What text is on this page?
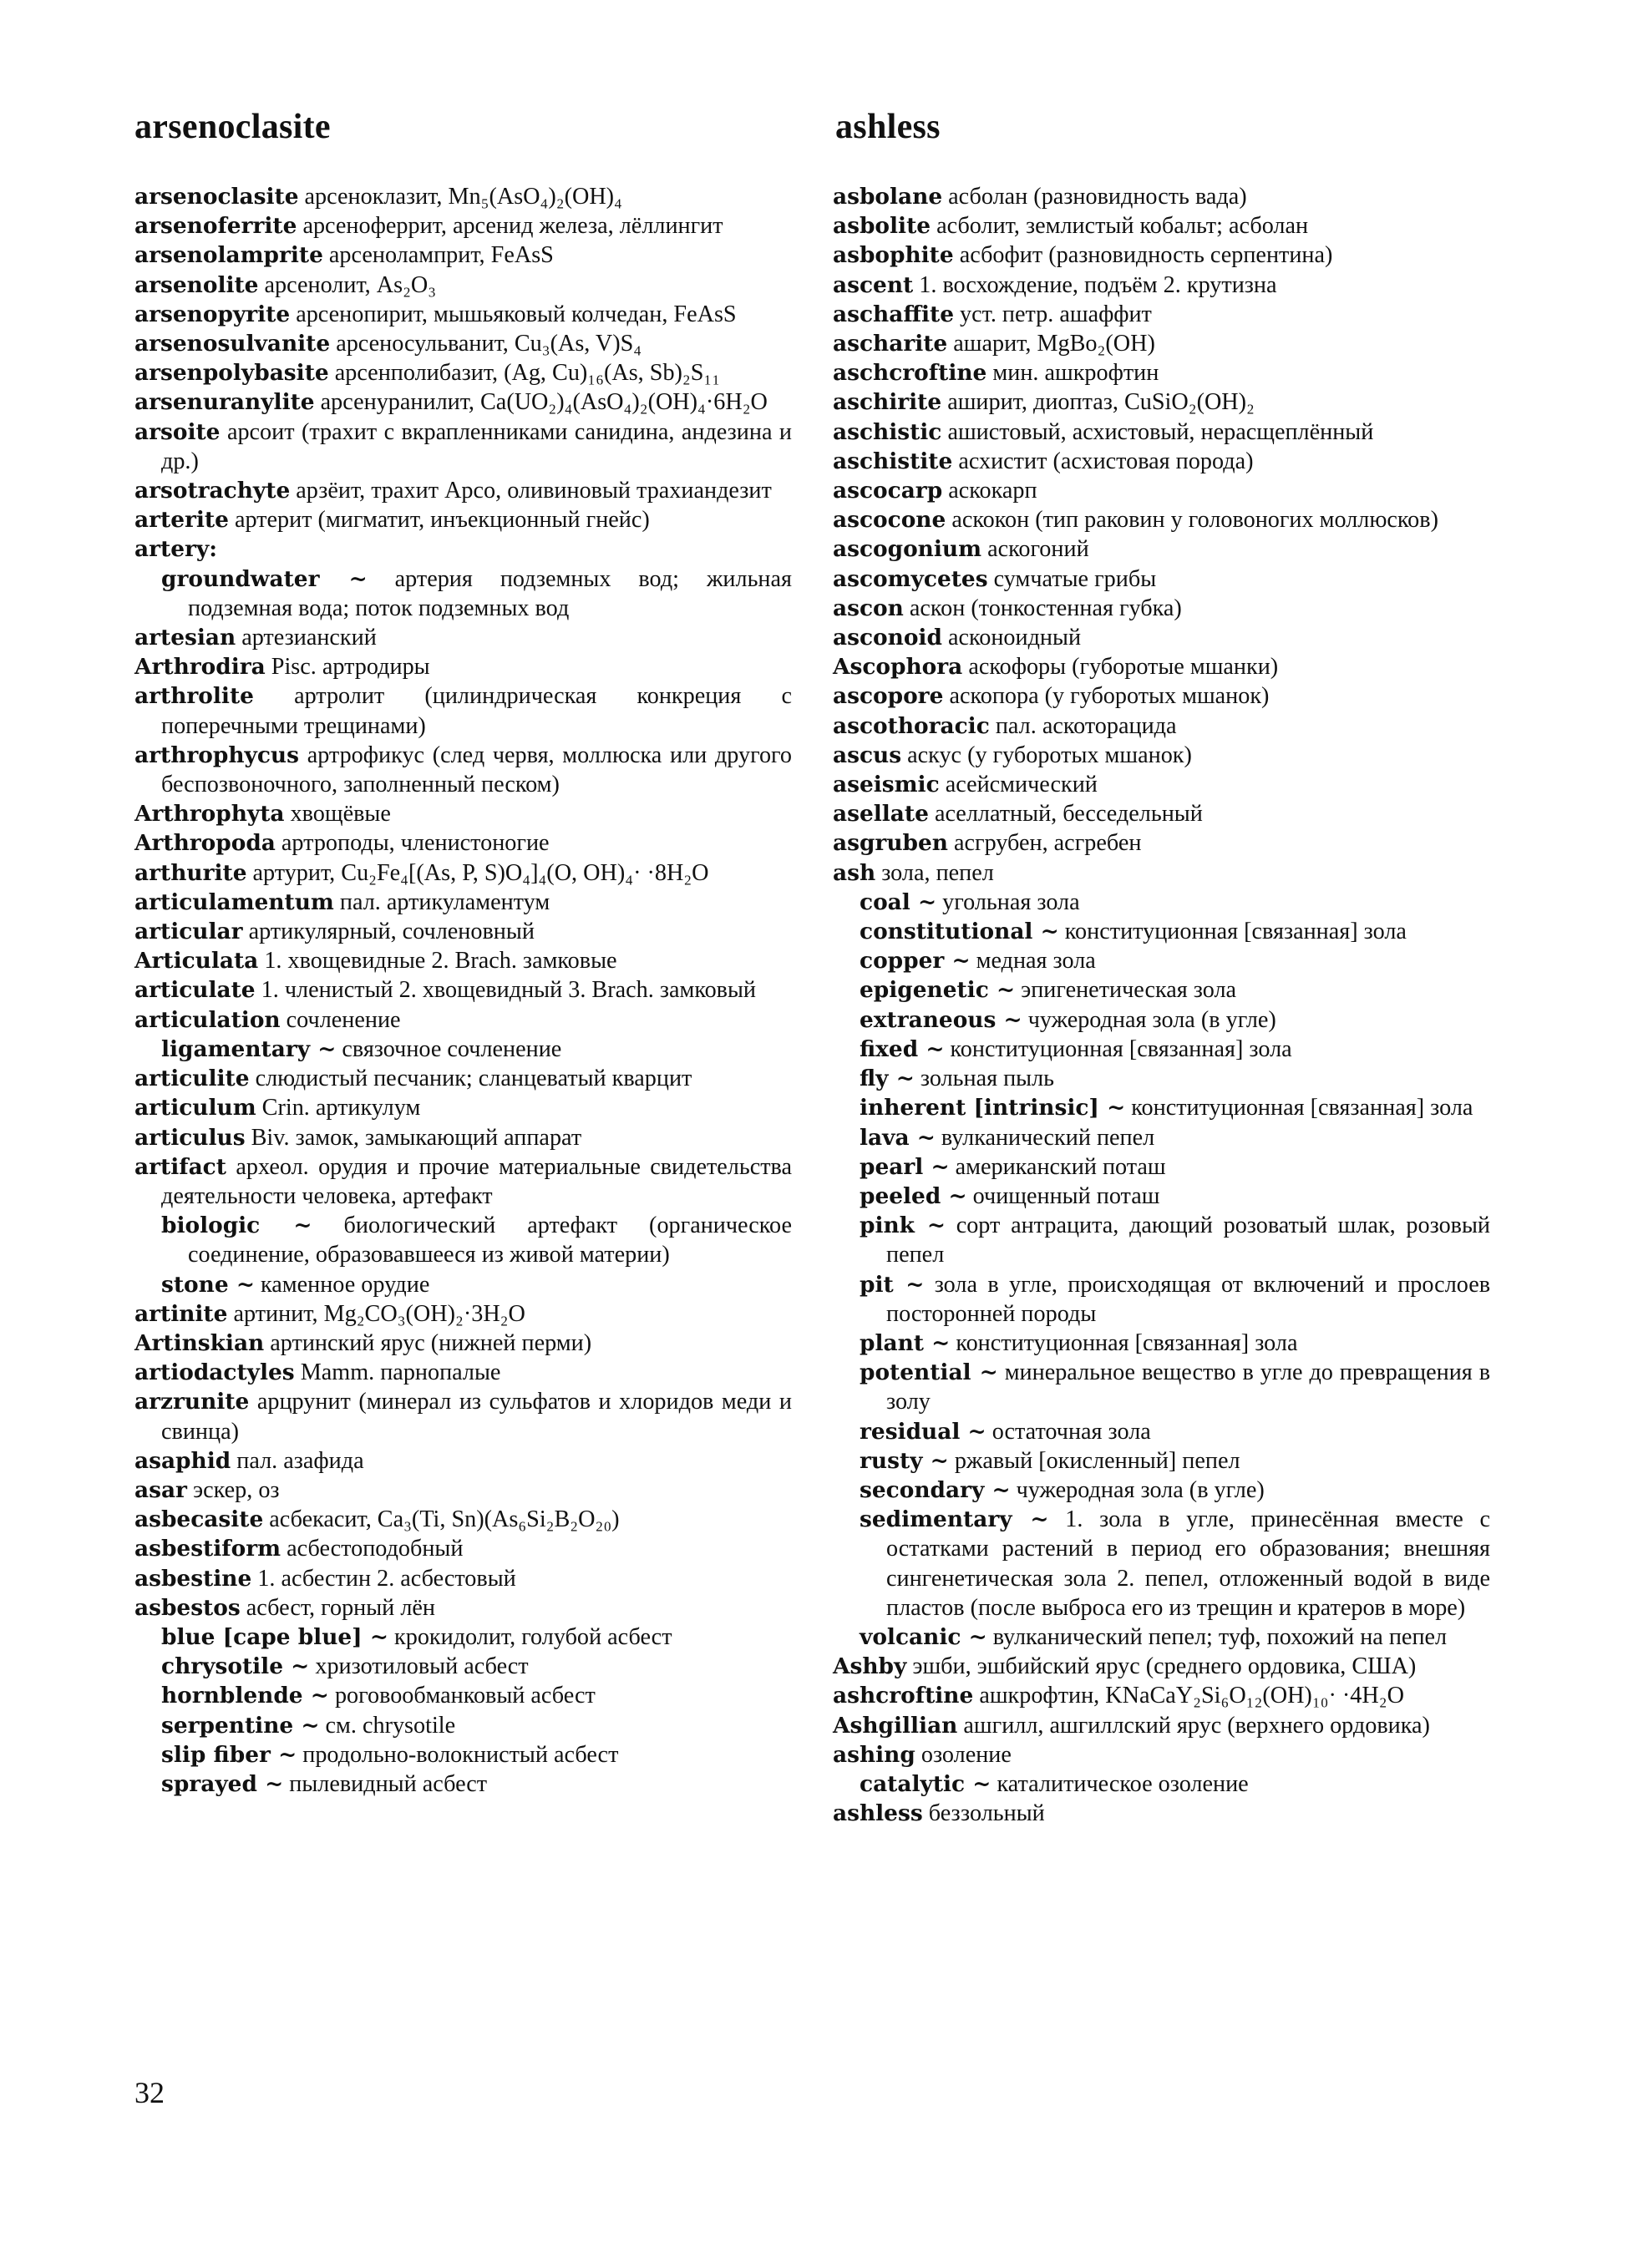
arsenoclasite	ashless
arsenoclasite арсеноклазит, Mn₅(AsO₄)₂(OH)₄
arsenoferrite арсеноферрит, арсенид железа, лёллингит
arsenolamprite арсеноламприт, FeAsS
arsenolite арсенолит, As₂O₃
arsenopyrite арсенопирит, мышьяковый колчедан, FeAsS
arsenosulvanite арсеносульванит, Cu₃(As, V)S₄
arsenpolybasite арсенполибазит, (Ag, Cu)₁₆(As, Sb)₂S₁₁
arsenuranylite арсенуранилит, Ca(UO₂)₄(AsO₄)₂(OH)₄·6H₂O
arsoite арсоит (трахит с вкрапленниками санидина, андезина и др.)
arsotrachyte арзёит, трахит Арсо, оливиновый трахиандезит
arterite артерит (мигматит, инъекционный гнейс)
artery:
groundwater ~ артерия подземных вод; жильная подземная вода; поток подземных вод
artesian артезианский
Arthrodira Pisc. артродиры
arthrolite артролит (цилиндрическая конкреция с поперечными трещинами)
arthrophycus артрофикус (след червя, моллюска или другого беспозвоночного, заполненный песком)
Arthrophyta хвощёвые
Arthropoda артроподы, членистоногие
arthurite артурит, Cu₂Fe₄[(As, P, S)O₄]₄(O, OH)₄· ·8H₂O
articulamentum пал. артикуламентум
articular артикулярный, сочленовный
Articulata 1. хвощевидные 2. Brach. замковые
articulate 1. членистый 2. хвощевидный 3. Brach. замковый
articulation сочленение
ligamentary ~ связочное сочленение
articulite слюдистый песчаник; сланцеватый кварцит
articulum Crin. артикулум
articulus Biv. замок, замыкающий аппарат
artifact археол. орудия и прочие материальные свидетельства деятельности человека, артефакт
biologic ~ биологический артефакт (органическое соединение, образовавшееся из живой материи)
stone ~ каменное орудие
artinite артинит, Mg₂CO₃(OH)₂·3H₂O
Artinskian артинский ярус (нижней перми)
artiodactyles Mamm. парнопалые
arzrunite арцрунит (минерал из сульфатов и хлоридов меди и свинца)
asaphid пал. азафида
asar эскер, оз
asbecasite асбекасит, Ca₃(Ti, Sn)(As₆Si₂B₂O₂₀)
asbestiform асбестоподобный
asbestine 1. асбестин 2. асбестовый
asbestos асбест, горный лён
blue [cape blue] ~ крокидолит, голубой асбест
chrysotile ~ хризотиловый асбест
hornblende ~ роговообманковый асбест
serpentine ~ см. chrysotile
slip fiber ~ продольно-волокнистый асбест
sprayed ~ пылевидный асбест
asbolane асболан (разновидность вада)
asbolite асболит, землистый кобальт; асболан
asbophite асбофит (разновидность серпентина)
ascent 1. восхождение, подъём 2. крутизна
aschaffite уст. петр. ашаффит
ascharite ашарит, MgBo₂(OH)
aschcroftine мин. ашкрофтин
aschirite аширит, диоптаз, CuSiO₂(OH)₂
aschistic ашистовый, асхистовый, нерасщеплённый
aschistite асхистит (асхистовая порода)
ascocarp аскокарп
ascocone аскокон (тип раковин у головоногих моллюсков)
ascogonium аскогоний
ascomycetes сумчатые грибы
ascon аскон (тонкостенная губка)
asconoid асконоидный
Ascophora аскофоры (губоротые мшанки)
ascopore аскопора (у губоротых мшанок)
ascothoracic пал. аскоторацида
ascus аскус (у губоротых мшанок)
aseismic асейсмический
asellate аселлатный, бесседельный
asgruben асгрубен, асгребен
ash зола, пепел
coal ~ угольная зола
constitutional ~ конституционная [связанная] зола
copper ~ медная зола
epigenetic ~ эпигенетическая зола
extraneous ~ чужеродная зола (в угле)
fixed ~ конституционная [связанная] зола
fly ~ зольная пыль
inherent [intrinsic] ~ конституционная [связанная] зола
lava ~ вулканический пепел
pearl ~ американский поташ
peeled ~ очищенный поташ
pink ~ сорт антрацита, дающий розоватый шлак, розовый пепел
pit ~ зола в угле, происходящая от включений и прослоев посторонней породы
plant ~ конституционная [связанная] зола
potential ~ минеральное вещество в угле до превращения в золу
residual ~ остаточная зола
rusty ~ ржавый [окисленный] пепел
secondary ~ чужеродная зола (в угле)
sedimentary ~ 1. зола в угле, принесённая вместе с остатками растений в период его образования; внешняя сингенетическая зола 2. пепел, отложенный водой в виде пластов (после выброса его из трещин и кратеров в море)
volcanic ~ вулканический пепел; туф, похожий на пепел
Ashby эшби, эшбийский ярус (среднего ордовика, США)
ashcroftine ашкрофтин, KNaCaY₂Si₆O₁₂(OH)₁₀· ·4H₂O
Ashgillian ашгилл, ашгиллский ярус (верхнего ордовика)
ashing озоление
catalytic ~ каталитическое озоление
ashless беззольный
32
